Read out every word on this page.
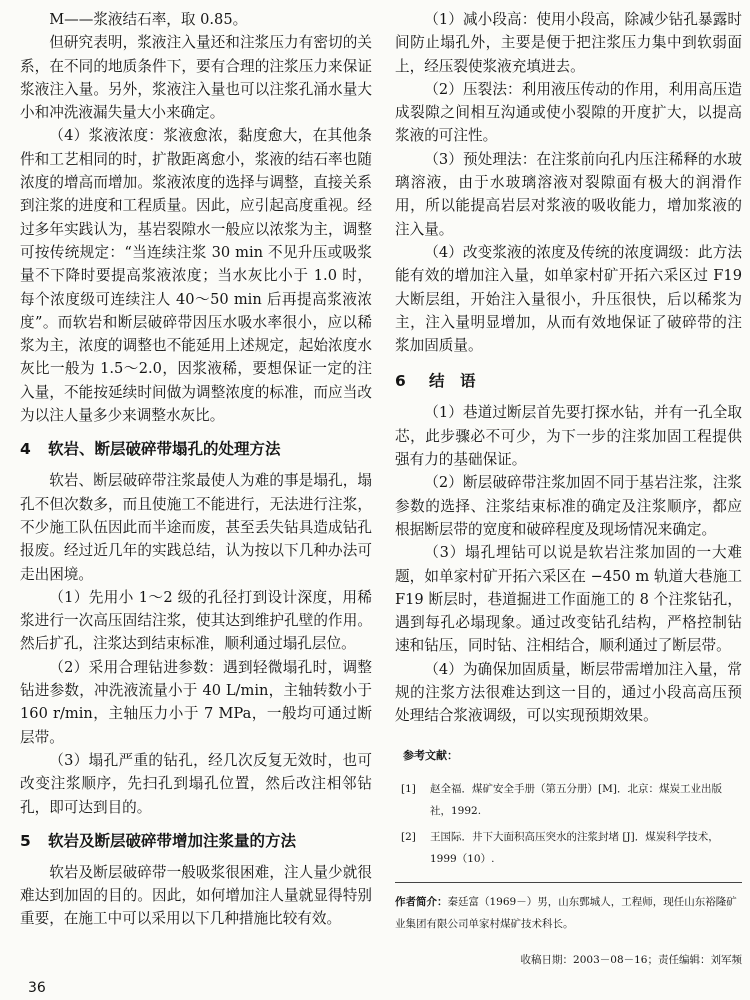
M——浆液结石率，取 0.85。

但研究表明，浆液注入量还和注浆压力有密切的关系，在不同的地质条件下，要有合理的注浆压力来保证浆液注入量。另外，浆液注入量也可以注浆孔涌水量大小和冲洗液漏失量大小来确定。

（4）浆液浓度：浆液愈浓，黏度愈大，在其他条件和工艺相同的时，扩散距离愈小，浆液的结石率也随浓度的增高而增加。浆液浓度的选择与调整，直接关系到注浆的进度和工程质量。因此，应引起高度重视。经过多年实践认为，基岩裂隙水一般应以浓浆为主，调整可按传统规定：“当连续注浆 30 min 不见升压或吸浆量不下降时要提高浆液浓度；当水灰比小于 1.0 时，每个浓度级可连续注人 40～50 min 后再提高浆液浓度”。而软岩和断层破碎带因压水吸水率很小，应以稀浆为主，浓度的调整也不能延用上述规定，起始浓度水灰比一般为 1.5～2.0，因浆液稀，要想保证一定的注入量，不能按延续时间做为调整浓度的标准，而应当改为以注人量多少来调整水灰比。

4 软岩、断层破碎带塌孔的处理方法

软岩、断层破碎带注浆最使人为难的事是塌孔，塌孔不但次数多，而且使施工不能进行，无法进行注浆，不少施工队伍因此而半途而废，甚至丢失钻具造成钻孔报废。经过近几年的实践总结，认为按以下几种办法可走出困境。

（1）先用小 1～2 级的孔径打到设计深度，用稀浆进行一次高压固结注浆，使其达到维护孔壁的作用。然后扩孔，注浆达到结束标准，顺利通过塌孔层位。

（2）采用合理钻进参数：遇到轻微塌孔时，调整钻进参数，冲洗液流量小于 40 L/min，主轴转数小于 160 r/min，主轴压力小于 7 MPa，一般均可通过断层带。

（3）塌孔严重的钻孔，经几次反复无效时，也可改变注浆顺序，先扫孔到塌孔位置，然后改注相邻钻孔，即可达到目的。

5 软岩及断层破碎带增加注浆量的方法

软岩及断层破碎带一般吸浆很困难，注人量少就很难达到加固的目的。因此，如何增加注人量就显得特别重要，在施工中可以采用以下几种措施比较有效。

（1）减小段高：使用小段高，除减少钻孔暴露时间防止塌孔外，主要是便于把注浆压力集中到软弱面上，经压裂使浆液充填进去。

（2）压裂法：利用液压传动的作用，利用高压造成裂隙之间相互沟通或使小裂隙的开度扩大，以提高浆液的可注性。

（3）预处理法：在注浆前向孔内压注稀释的水玻璃溶液，由于水玻璃溶液对裂隙面有极大的润滑作用，所以能提高岩层对浆液的吸收能力，增加浆液的注入量。

（4）改变浆液的浓度及传统的浓度调级：此方法能有效的增加注入量，如单家村矿开拓六采区过 F19 大断层组，开始注入量很小，升压很快，后以稀浆为主，注入量明显增加，从而有效地保证了破碎带的注浆加固质量。

6 结　语

（1）巷道过断层首先要打探水钻，并有一孔全取芯，此步骤必不可少，为下一步的注浆加固工程提供强有力的基础保证。

（2）断层破碎带注浆加固不同于基岩注浆，注浆参数的选择、注浆结束标准的确定及注浆顺序，都应根据断层带的宽度和破碎程度及现场情况来确定。

（3）塌孔埋钻可以说是软岩注浆加固的一大难题，如单家村矿开拓六采区在 −450 m 轨道大巷施工 F19 断层时，巷道掘进工作面施工的 8 个注浆钻孔，遇到每孔必塌现象。通过改变钻孔结构，严格控制钻速和钻压，同时钻、注相结合，顺利通过了断层带。

（4）为确保加固质量，断层带需增加注入量，常规的注浆方法很难达到这一目的，通过小段高高压预处理结合浆液调级，可以实现预期效果。

参考文献：
[1] 赵全福．煤矿安全手册（第五分册）[M]．北京：煤炭工业出版社，1992.
[2] 王国际．井下大面积高压突水的注浆封堵 [J]．煤炭科学技术，1999（10）.

作者简介：秦廷富（1969－）男，山东鄄城人，工程师，现任山东裕隆矿业集团有限公司单家村煤矿技术科长。

收稿日期：2003－08－16；责任编辑：刘军频

36
